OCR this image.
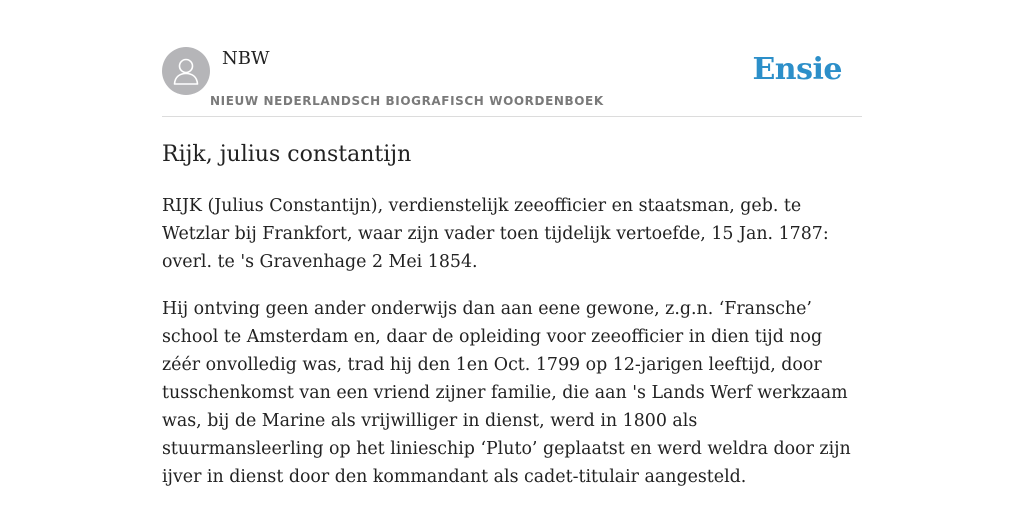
NBW
NIEUW NEDERLANDSCH BIOGRAFISCH WOORDENBOEK
Ensie
Rijk, julius constantijn

RIJK (Julius Constantijn), verdienstelijk zeeofficier en staatsman, geb. te Wetzlar bij Frankfort, waar zijn vader toen tijdelijk vertoefde, 15 Jan. 1787: overl. te 's Gravenhage 2 Mei 1854.

Hij ontving geen ander onderwijs dan aan eene gewone, z.g.n. ‘Fransche’ school te Amsterdam en, daar de opleiding voor zeeofficier in dien tijd nog zéér onvolledig was, trad hij den 1en Oct. 1799 op 12-jarigen leeftijd, door tusschenkomst van een vriend zijner familie, die aan 's Lands Werf werkzaam was, bij de Marine als vrijwilliger in dienst, werd in 1800 als stuurmansleerling op het linieschip ‘Pluto’ geplaatst en werd weldra door zijn ijver in dienst door den kommandant als cadet-titulair aangesteld.
